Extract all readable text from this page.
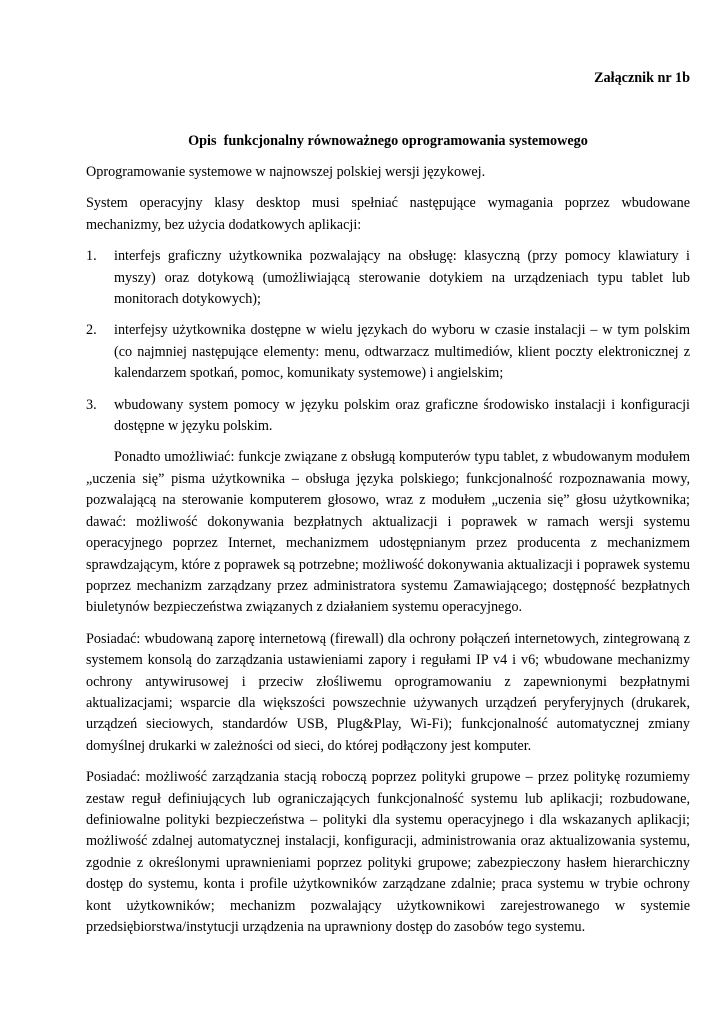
Załącznik nr 1b

Opis  funkcjonalny równoważnego oprogramowania systemowego

Oprogramowanie systemowe w najnowszej polskiej wersji językowej.

System operacyjny klasy desktop musi spełniać następujące wymagania poprzez wbudowane mechanizmy, bez użycia dodatkowych aplikacji:

1. interfejs graficzny użytkownika pozwalający na obsługę: klasyczną (przy pomocy klawiatury i myszy) oraz dotykową (umożliwiającą sterowanie dotykiem na urządzeniach typu tablet lub monitorach dotykowych);
2. interfejsy użytkownika dostępne w wielu językach do wyboru w czasie instalacji – w tym polskim (co najmniej następujące elementy: menu, odtwarzacz multimediów, klient poczty elektronicznej z kalendarzem spotkań, pomoc, komunikaty systemowe) i angielskim;
3. wbudowany system pomocy w języku polskim oraz graficzne środowisko instalacji i konfiguracji dostępne w języku polskim.

Ponadto umożliwiać: funkcje związane z obsługą komputerów typu tablet, z wbudowanym modułem „uczenia się” pisma użytkownika – obsługa języka polskiego; funkcjonalność rozpoznawania mowy, pozwalającą na sterowanie komputerem głosowo, wraz z modułem „uczenia się” głosu użytkownika; dawać: możliwość dokonywania bezpłatnych aktualizacji i poprawek w ramach wersji systemu operacyjnego poprzez Internet, mechanizmem udostępnianym przez producenta z mechanizmem sprawdzającym, które z poprawek są potrzebne; możliwość dokonywania aktualizacji i poprawek systemu poprzez mechanizm zarządzany przez administratora systemu Zamawiającego; dostępność bezpłatnych biuletynów bezpieczeństwa związanych z działaniem systemu operacyjnego.

Posiadać: wbudowaną zaporę internetową (firewall) dla ochrony połączeń internetowych, zintegrowaną z systemem konsolą do zarządzania ustawieniami zapory i regułami IP v4 i v6; wbudowane mechanizmy ochrony antywirusowej i przeciw złośliwemu oprogramowaniu z zapewnionymi bezpłatnymi aktualizacjami; wsparcie dla większości powszechnie używanych urządzeń peryferyjnych (drukarek, urządzeń sieciowych, standardów USB, Plug&Play, Wi-Fi); funkcjonalność automatycznej zmiany domyślnej drukarki w zależności od sieci, do której podłączony jest komputer.

Posiadać: możliwość zarządzania stacją roboczą poprzez polityki grupowe – przez politykę rozumiemy zestaw reguł definiujących lub ograniczających funkcjonalność systemu lub aplikacji; rozbudowane, definiowalne polityki bezpieczeństwa – polityki dla systemu operacyjnego i dla wskazanych aplikacji; możliwość zdalnej automatycznej instalacji, konfiguracji, administrowania oraz aktualizowania systemu, zgodnie z określonymi uprawnieniami poprzez polityki grupowe; zabezpieczony hasłem hierarchiczny dostęp do systemu, konta i profile użytkowników zarządzane zdalnie; praca systemu w trybie ochrony kont użytkowników; mechanizm pozwalający użytkownikowi zarejestrowanego w systemie przedsiębiorstwa/instytucji urządzenia na uprawniony dostęp do zasobów tego systemu.
